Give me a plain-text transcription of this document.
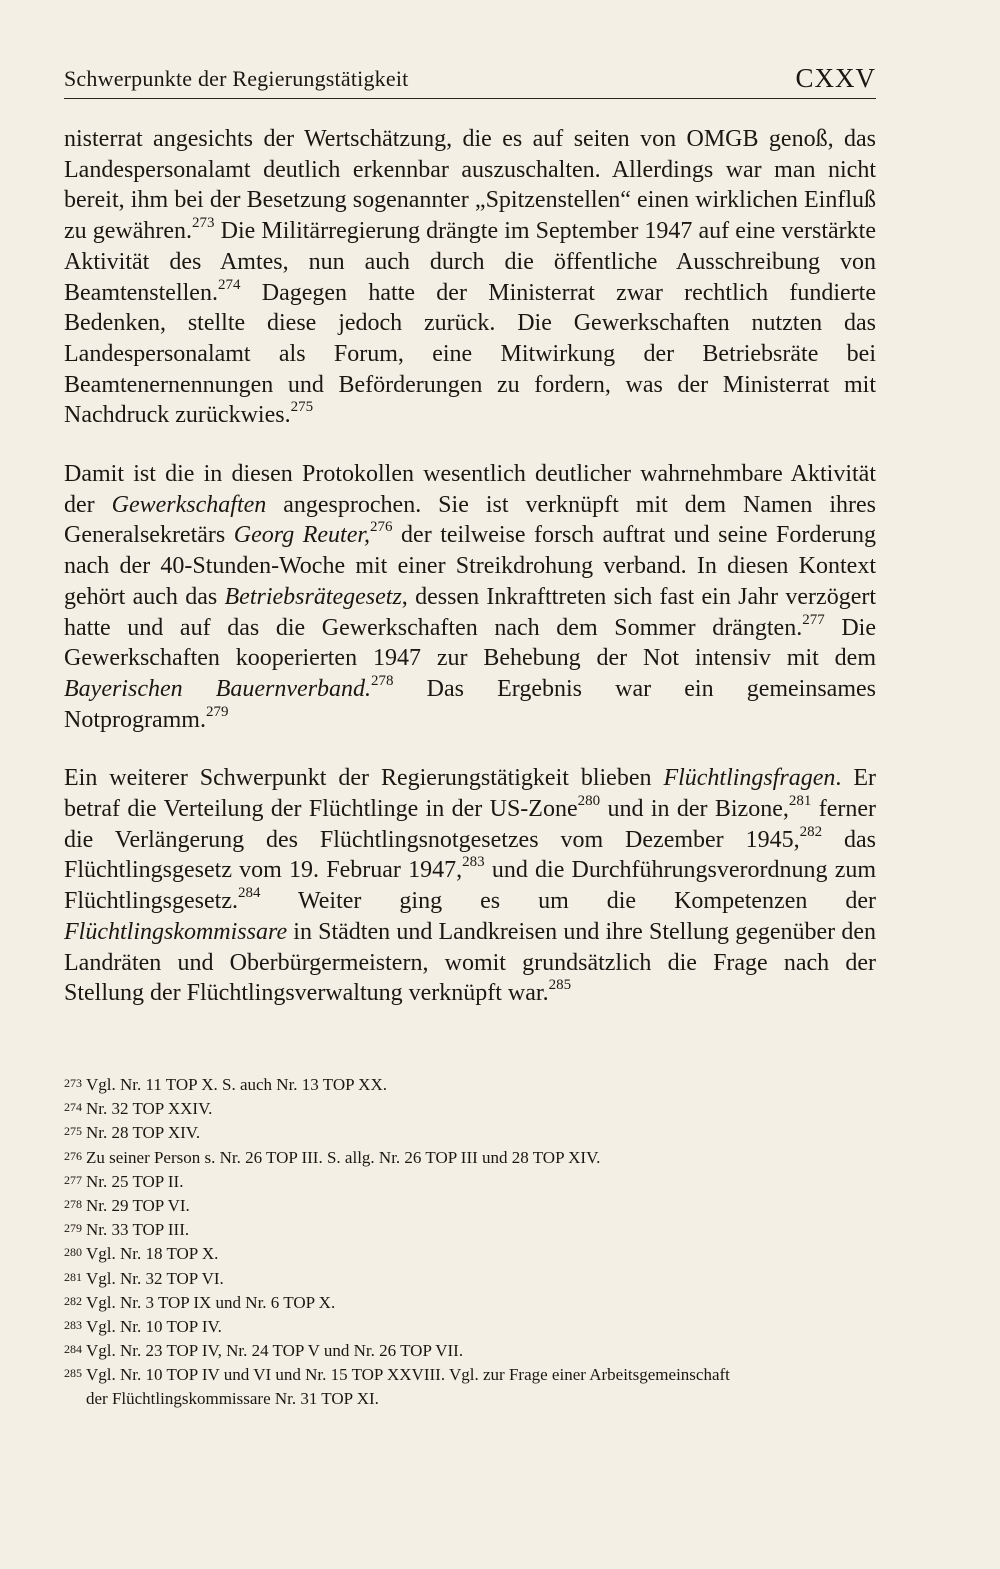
Schwerpunkte der Regierungstätigkeit	CXXV

nisterrat angesichts der Wertschätzung, die es auf seiten von OMGB genoß, das Landespersonalamt deutlich erkennbar auszuschalten. Allerdings war man nicht bereit, ihm bei der Besetzung sogenannter „Spitzenstellen“ einen wirklichen Einfluß zu gewähren.$^{273}$ Die Militärregierung drängte im September 1947 auf eine verstärkte Aktivität des Amtes, nun auch durch die öffentliche Ausschreibung von Beamtenstellen.$^{274}$ Dagegen hatte der Ministerrat zwar rechtlich fundierte Bedenken, stellte diese jedoch zurück. Die Gewerkschaften nutzten das Landespersonalamt als Forum, eine Mitwirkung der Betriebsräte bei Beamtenernennungen und Beförderungen zu fordern, was der Ministerrat mit Nachdruck zurückwies.$^{275}$

Damit ist die in diesen Protokollen wesentlich deutlicher wahrnehmbare Aktivität der Gewerkschaften angesprochen. Sie ist verknüpft mit dem Namen ihres Generalsekretärs Georg Reuter,$^{276}$ der teilweise forsch auftrat und seine Forderung nach der 40-Stunden-Woche mit einer Streikdrohung verband. In diesen Kontext gehört auch das Betriebsrätegesetz, dessen Inkrafttreten sich fast ein Jahr verzögert hatte und auf das die Gewerkschaften nach dem Sommer drängten.$^{277}$ Die Gewerkschaften kooperierten 1947 zur Behebung der Not intensiv mit dem Bayerischen Bauernverband.$^{278}$ Das Ergebnis war ein gemeinsames Notprogramm.$^{279}$

Ein weiterer Schwerpunkt der Regierungstätigkeit blieben Flüchtlingsfragen. Er betraf die Verteilung der Flüchtlinge in der US-Zone$^{280}$ und in der Bizone,$^{281}$ ferner die Verlängerung des Flüchtlingsnotgesetzes vom Dezember 1945,$^{282}$ das Flüchtlingsgesetz vom 19. Februar 1947,$^{283}$ und die Durchführungsverordnung zum Flüchtlingsgesetz.$^{284}$ Weiter ging es um die Kompetenzen der Flüchtlingskommissare in Städten und Landkreisen und ihre Stellung gegenüber den Landräten und Oberbürgermeistern, womit grundsätzlich die Frage nach der Stellung der Flüchtlingsverwaltung verknüpft war.$^{285}$

273 Vgl. Nr. 11 TOP X. S. auch Nr. 13 TOP XX.
274 Nr. 32 TOP XXIV.
275 Nr. 28 TOP XIV.
276 Zu seiner Person s. Nr. 26 TOP III. S. allg. Nr. 26 TOP III und 28 TOP XIV.
277 Nr. 25 TOP II.
278 Nr. 29 TOP VI.
279 Nr. 33 TOP III.
280 Vgl. Nr. 18 TOP X.
281 Vgl. Nr. 32 TOP VI.
282 Vgl. Nr. 3 TOP IX und Nr. 6 TOP X.
283 Vgl. Nr. 10 TOP IV.
284 Vgl. Nr. 23 TOP IV, Nr. 24 TOP V und Nr. 26 TOP VII.
285 Vgl. Nr. 10 TOP IV und VI und Nr. 15 TOP XXVIII. Vgl. zur Frage einer Arbeitsgemeinschaft
der Flüchtlingskommissare Nr. 31 TOP XI.
